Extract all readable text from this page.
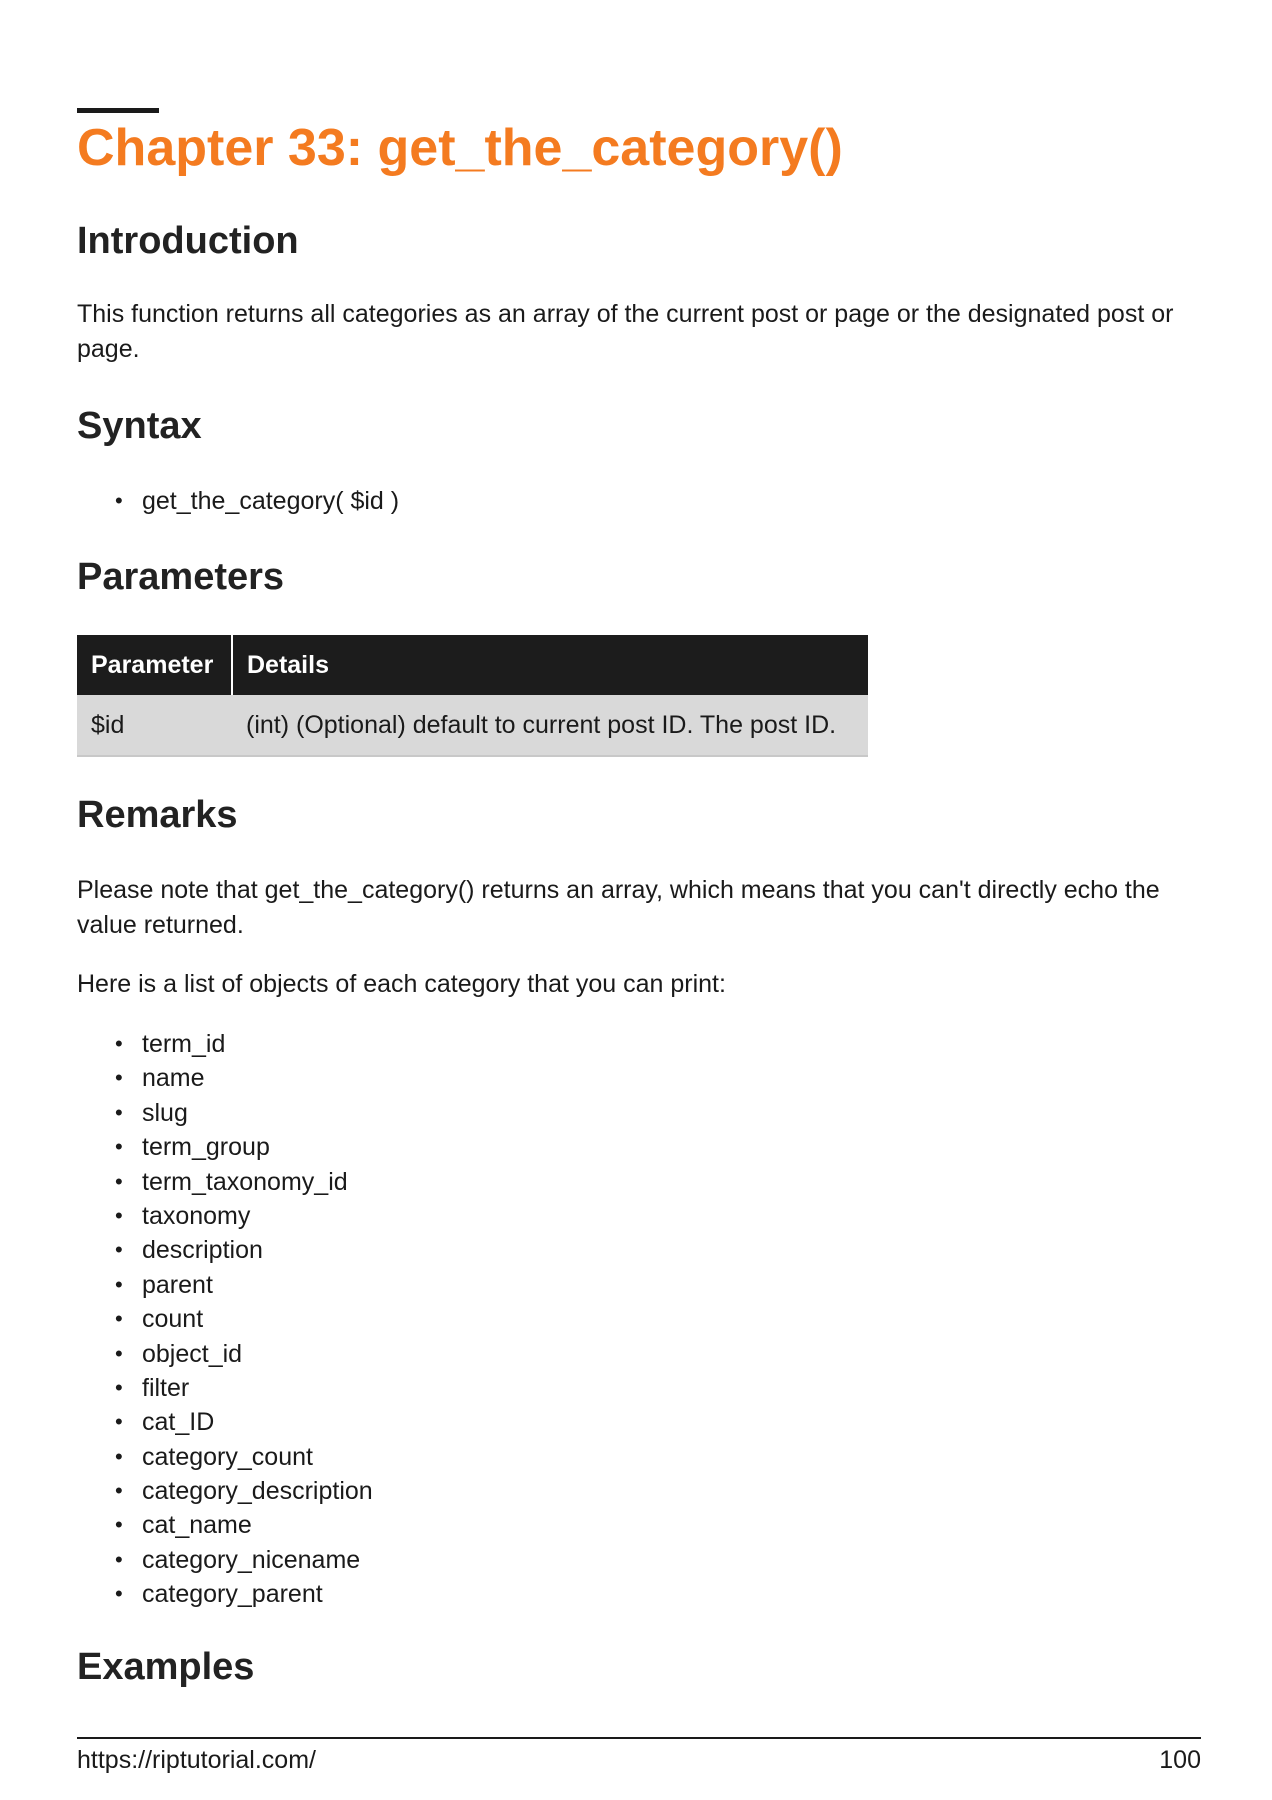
Chapter 33: get_the_category()
Introduction

This function returns all categories as an array of the current post or page or the designated post or page.

Syntax
• get_the_category( $id )
Parameters
Parameter	Details
$id	(int) (Optional) default to current post ID. The post ID.
Remarks

Please note that get_the_category() returns an array, which means that you can't directly echo the value returned.

Here is a list of objects of each category that you can print:

• term_id
• name
• slug
• term_group
• term_taxonomy_id
• taxonomy
• description
• parent
• count
• object_id
• filter
• cat_ID
• category_count
• category_description
• cat_name
• category_nicename
• category_parent
Examples
https://riptutorial.com/	100
